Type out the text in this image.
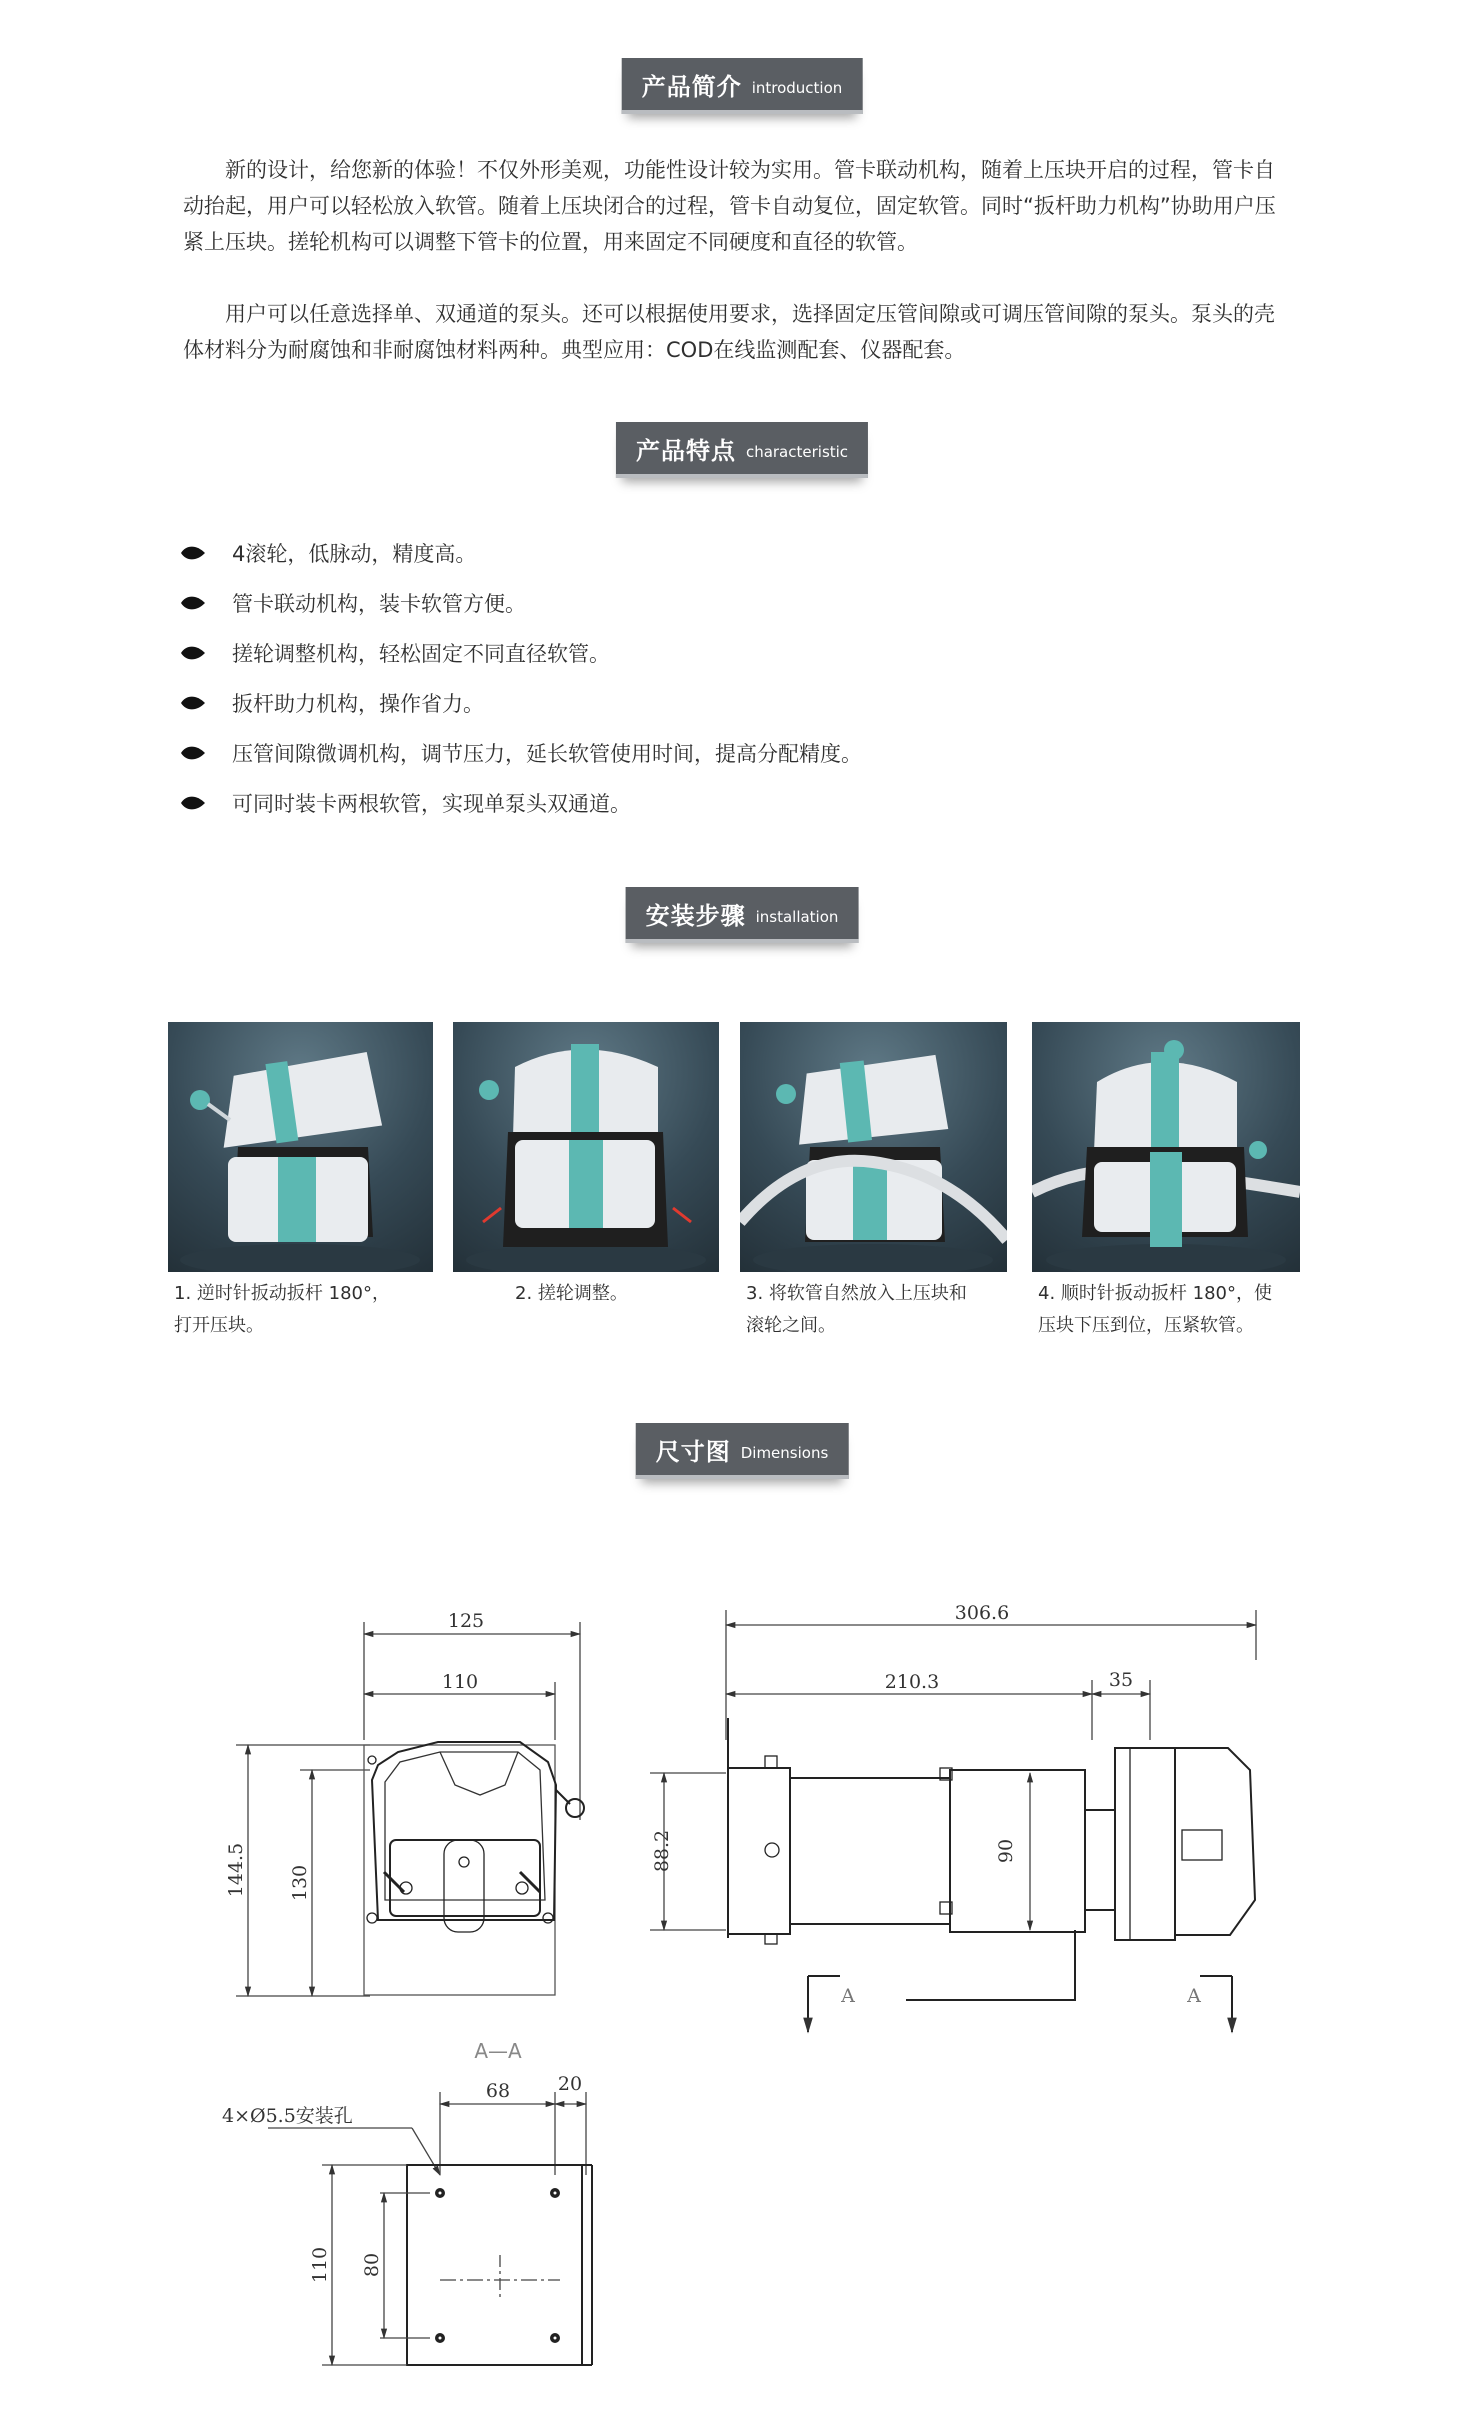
产品简介 introduction

新的设计，给您新的体验！不仅外形美观，功能性设计较为实用。管卡联动机构，随着上压块开启的过程，管卡自动抬起，用户可以轻松放入软管。随着上压块闭合的过程，管卡自动复位，固定软管。同时“扳杆助力机构”协助用户压紧上压块。搓轮机构可以调整下管卡的位置，用来固定不同硬度和直径的软管。

用户可以任意选择单、双通道的泵头。还可以根据使用要求，选择固定压管间隙或可调压管间隙的泵头。泵头的壳体材料分为耐腐蚀和非耐腐蚀材料两种。典型应用：COD在线监测配套、仪器配套。

产品特点 characteristic
4滚轮，低脉动，精度高。
管卡联动机构，装卡软管方便。
搓轮调整机构，轻松固定不同直径软管。
扳杆助力机构，操作省力。
压管间隙微调机构，调节压力，延长软管使用时间，提高分配精度。
可同时装卡两根软管，实现单泵头双通道。
安装步骤 installation
1. 逆时针扳动扳杆 180°，
打开压块。
2. 搓轮调整。	3. 将软管自然放入上压块和
滚轮之间。
4. 顺时针扳动扳杆 180°，使
压块下压到位，压紧软管。
尺寸图 Dimensions
125
110
144.5 130
A—A
306.6
210.3	35
88.2	90
A	A
4×Ø5.5安装孔
68	20
110 80
